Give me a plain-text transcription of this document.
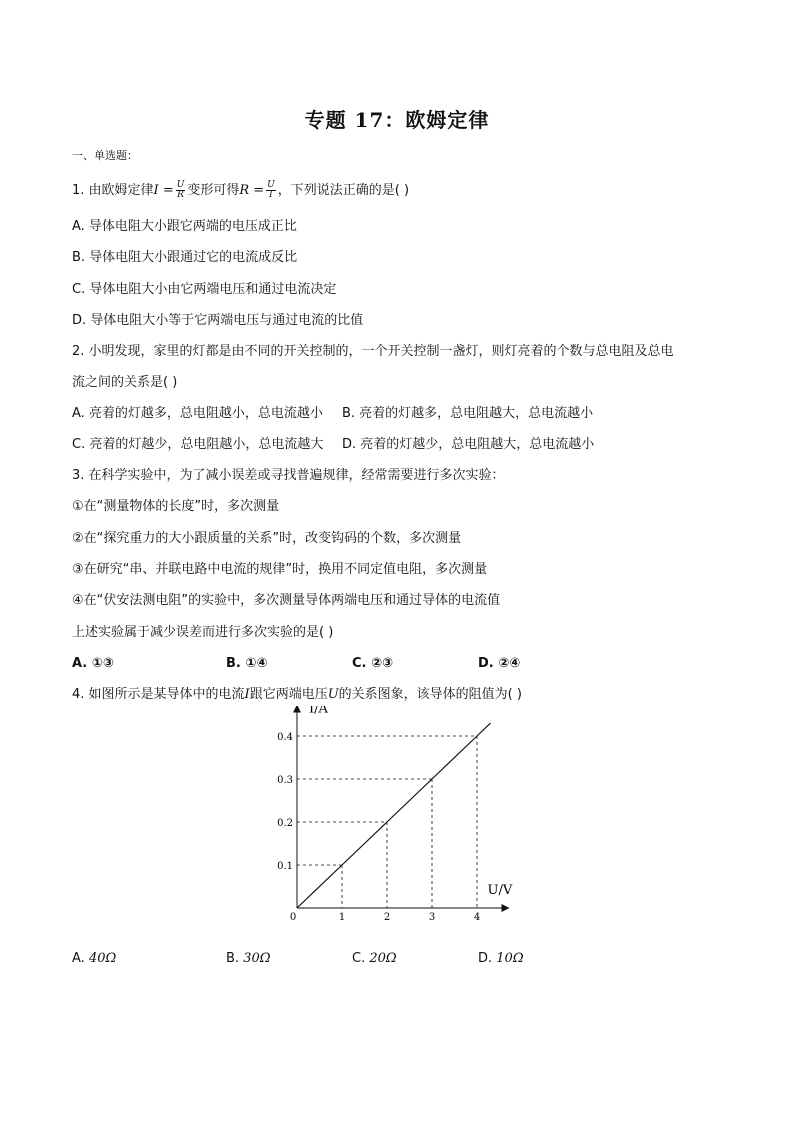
专题 17：欧姆定律
一、单选题：
1. 由欧姆定律$I = \frac{U}{R}$ 变形可得$R = \frac{U}{I}$ ，下列说法正确的是( )
A. 导体电阻大小跟它两端的电压成正比
B. 导体电阻大小跟通过它的电流成反比
C. 导体电阻大小由它两端电压和通过电流决定
D. 导体电阻大小等于它两端电压与通过电流的比值
2. 小明发现，家里的灯都是由不同的开关控制的，一个开关控制一盏灯，则灯亮着的个数与总电阻及总电
流之间的关系是( )
A. 亮着的灯越多，总电阻越小，总电流越小 B. 亮着的灯越多，总电阻越大，总电流越小
C. 亮着的灯越少，总电阻越小，总电流越大 D. 亮着的灯越少，总电阻越大，总电流越小
3. 在科学实验中，为了减小误差或寻找普遍规律，经常需要进行多次实验：
①在“测量物体的长度”时，多次测量
②在“探究重力的大小跟质量的关系”时，改变钩码的个数，多次测量
③在研究“串、并联电路中电流的规律”时，换用不同定值电阻，多次测量
④在“伏安法测电阻”的实验中，多次测量导体两端电压和通过导体的电流值
上述实验属于减少误差而进行多次实验的是( )
A. ①③	B. ①④	C. ②③	D. ②④
4. 如图所示是某导体中的电流I跟它两端电压U的关系图象，该导体的阻值为( )
I/A
U/V
0	1	2	3	4
0.1
0.2
0.3
0.4
A. 40Ω	B. 30Ω	C. 20Ω	D. 10Ω
